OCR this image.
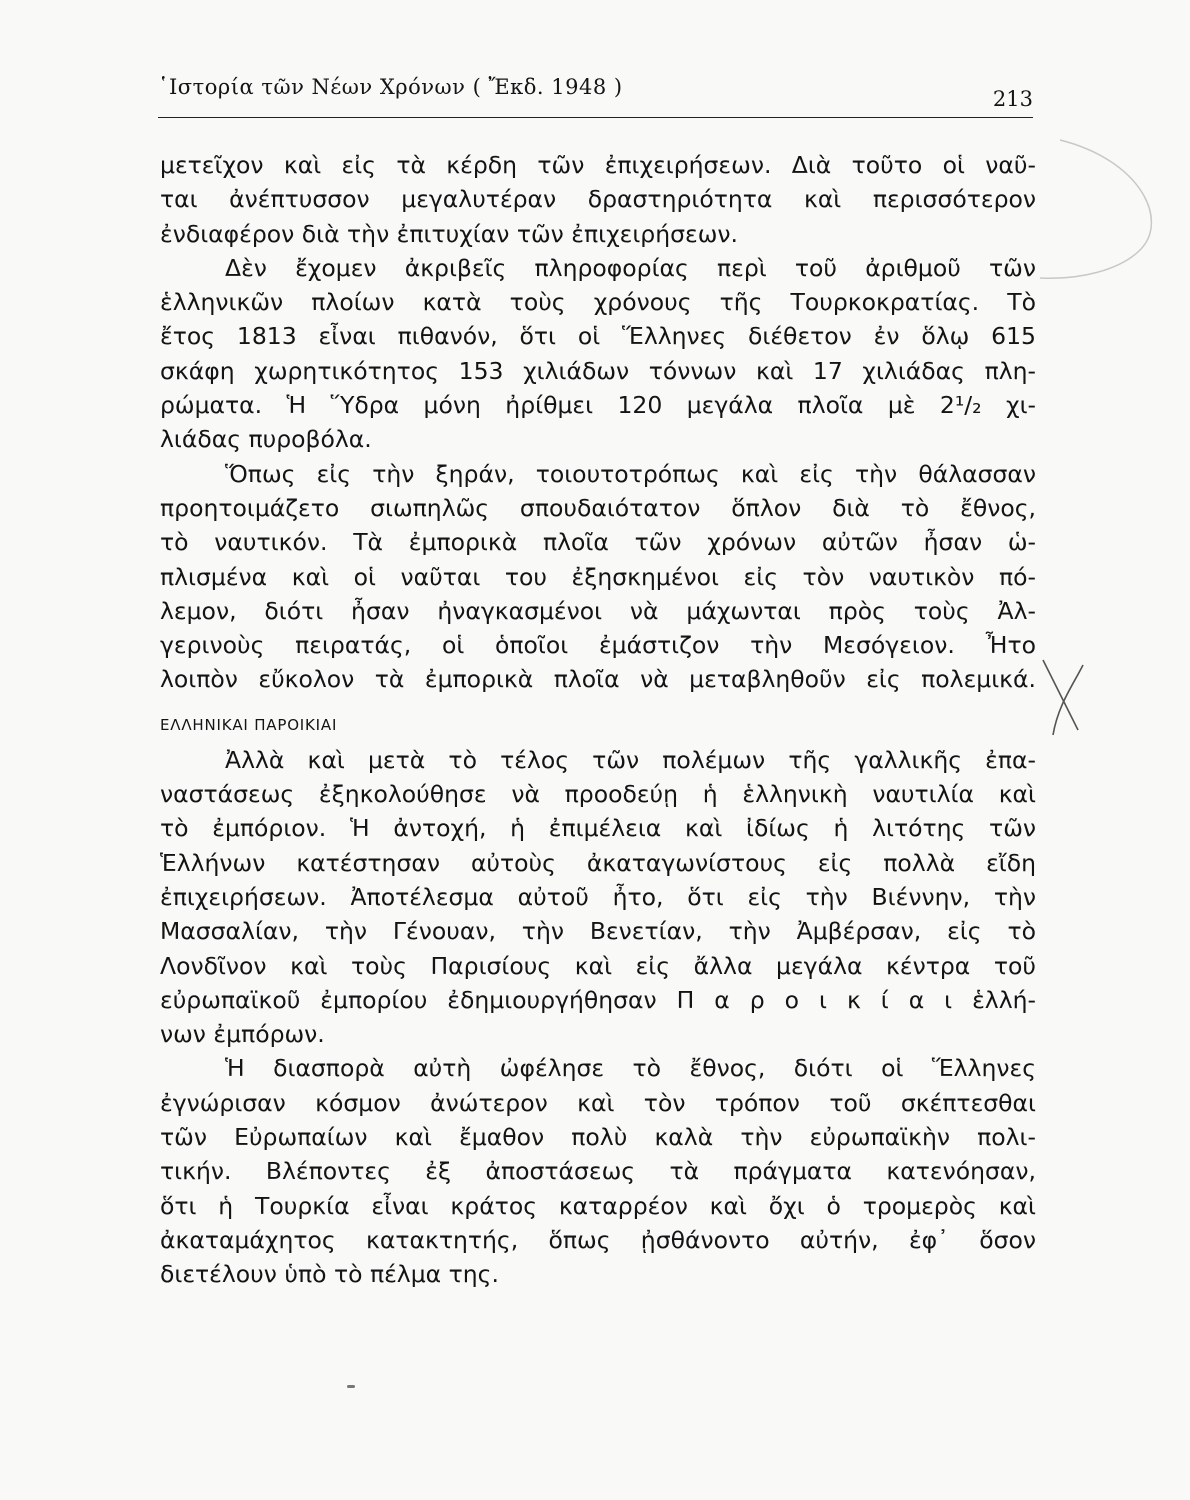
῾Ιστορία τῶν Νέων Χρόνων ( Ἔκδ. 1948 )	213
μετεῖχον καὶ εἰς τὰ κέρδη τῶν ἐπιχειρήσεων. Διὰ τοῦτο οἱ ναῦ-
ται ἀνέπτυσσον μεγαλυτέραν δραστηριότητα καὶ περισσότερον
ἐνδιαφέρον διὰ τὴν ἐπιτυχίαν τῶν ἐπιχειρήσεων.
Δὲν ἔχομεν ἀκριβεῖς πληροφορίας περὶ τοῦ ἀριθμοῦ τῶν
ἑλληνικῶν πλοίων κατὰ τοὺς χρόνους τῆς Τουρκοκρατίας. Τὸ
ἔτος 1813 εἶναι πιθανόν, ὅτι οἱ Ἕλληνες διέθετον ἐν ὅλῳ 615
σκάφη χωρητικότητος 153 χιλιάδων τόννων καὶ 17 χιλιάδας πλη-
ρώματα. Ἡ Ὕδρα μόνη ἠρίθμει 120 μεγάλα πλοῖα μὲ 2¹/₂ χι-
λιάδας πυροβόλα.
Ὅπως εἰς τὴν ξηράν, τοιουτοτρόπως καὶ εἰς τὴν θάλασσαν
προητοιμάζετο σιωπηλῶς σπουδαιότατον ὅπλον διὰ τὸ ἔθνος,
τὸ ναυτικόν. Τὰ ἐμπορικὰ πλοῖα τῶν χρόνων αὐτῶν ἦσαν ὡ-
πλισμένα καὶ οἱ ναῦται του ἐξησκημένοι εἰς τὸν ναυτικὸν πό-
λεμον, διότι ἦσαν ἠναγκασμένοι νὰ μάχωνται πρὸς τοὺς Ἀλ-
γερινοὺς πειρατάς, οἱ ὁποῖοι ἐμάστιζον τὴν Μεσόγειον. Ἦτο
λοιπὸν εὔκολον τὰ ἐμπορικὰ πλοῖα νὰ μεταβληθοῦν εἰς πολεμικά.
ΕΛΛΗΝΙΚΑΙ ΠΑΡΟΙΚΙΑΙ
Ἀλλὰ καὶ μετὰ τὸ τέλος τῶν πολέμων τῆς γαλλικῆς ἐπα-
ναστάσεως ἐξηκολούθησε νὰ προοδεύῃ ἡ ἑλληνικὴ ναυτιλία καὶ
τὸ ἐμπόριον. Ἡ ἀντοχή, ἡ ἐπιμέλεια καὶ ἰδίως ἡ λιτότης τῶν
Ἑλλήνων κατέστησαν αὐτοὺς ἀκαταγωνίστους εἰς πολλὰ εἴδη
ἐπιχειρήσεων. Ἀποτέλεσμα αὐτοῦ ἦτο, ὅτι εἰς τὴν Βιέννην, τὴν
Μασσαλίαν, τὴν Γένουαν, τὴν Βενετίαν, τὴν Ἀμβέρσαν, εἰς τὸ
Λονδῖνον καὶ τοὺς Παρισίους καὶ εἰς ἄλλα μεγάλα κέντρα τοῦ
εὐρωπαϊκοῦ ἐμπορίου ἐδημιουργήθησαν Π α ρ ο ι κ ί α ι ἑλλή-
νων ἐμπόρων.
Ἡ διασπορὰ αὐτὴ ὠφέλησε τὸ ἔθνος, διότι οἱ Ἕλληνες
ἐγνώρισαν κόσμον ἀνώτερον καὶ τὸν τρόπον τοῦ σκέπτεσθαι
τῶν Εὐρωπαίων καὶ ἔμαθον πολὺ καλὰ τὴν εὐρωπαϊκὴν πολι-
τικήν. Βλέποντες ἐξ ἀποστάσεως τὰ πράγματα κατενόησαν,
ὅτι ἡ Τουρκία εἶναι κράτος καταρρέον καὶ ὄχι ὁ τρομερὸς καὶ
ἀκαταμάχητος κατακτητής, ὅπως ᾐσθάνοντο αὐτήν, ἐφ᾿ ὅσον
διετέλουν ὑπὸ τὸ πέλμα της.
